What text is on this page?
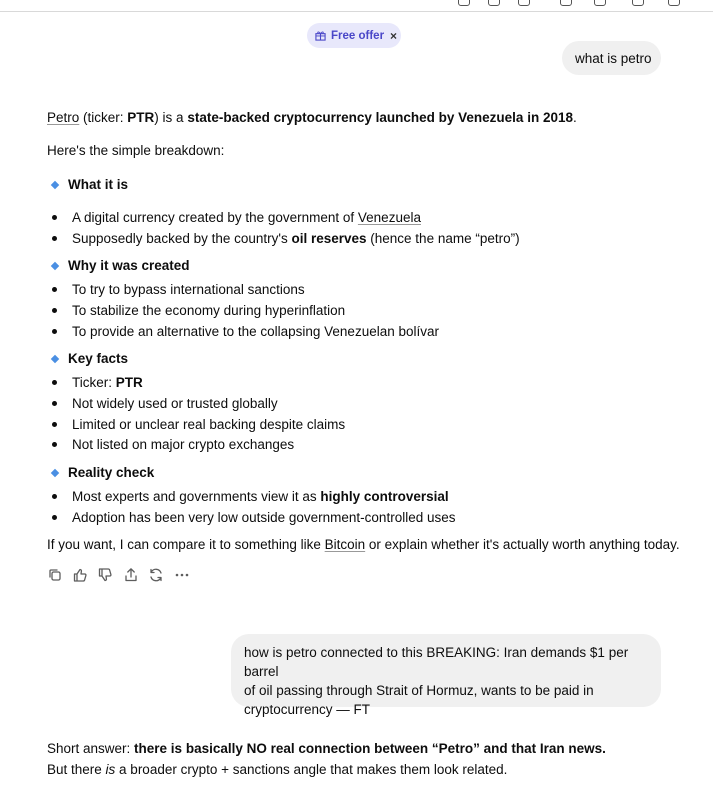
Free offer ×
what is petro
Petro (ticker: PTR) is a state-backed cryptocurrency launched by Venezuela in 2018.
Here's the simple breakdown:
What it is
A digital currency created by the government of Venezuela
Supposedly backed by the country's oil reserves (hence the name “petro”)
Why it was created
To try to bypass international sanctions
To stabilize the economy during hyperinflation
To provide an alternative to the collapsing Venezuelan bolívar
Key facts
Ticker: PTR
Not widely used or trusted globally
Limited or unclear real backing despite claims
Not listed on major crypto exchanges
Reality check
Most experts and governments view it as highly controversial
Adoption has been very low outside government-controlled uses
If you want, I can compare it to something like Bitcoin or explain whether it's actually worth anything today.
how is petro connected to this BREAKING: Iran demands $1 per barrel
of oil passing through Strait of Hormuz, wants to be paid in
cryptocurrency — FT
Short answer: there is basically NO real connection between “Petro” and that Iran news.
But there is a broader crypto + sanctions angle that makes them look related.
